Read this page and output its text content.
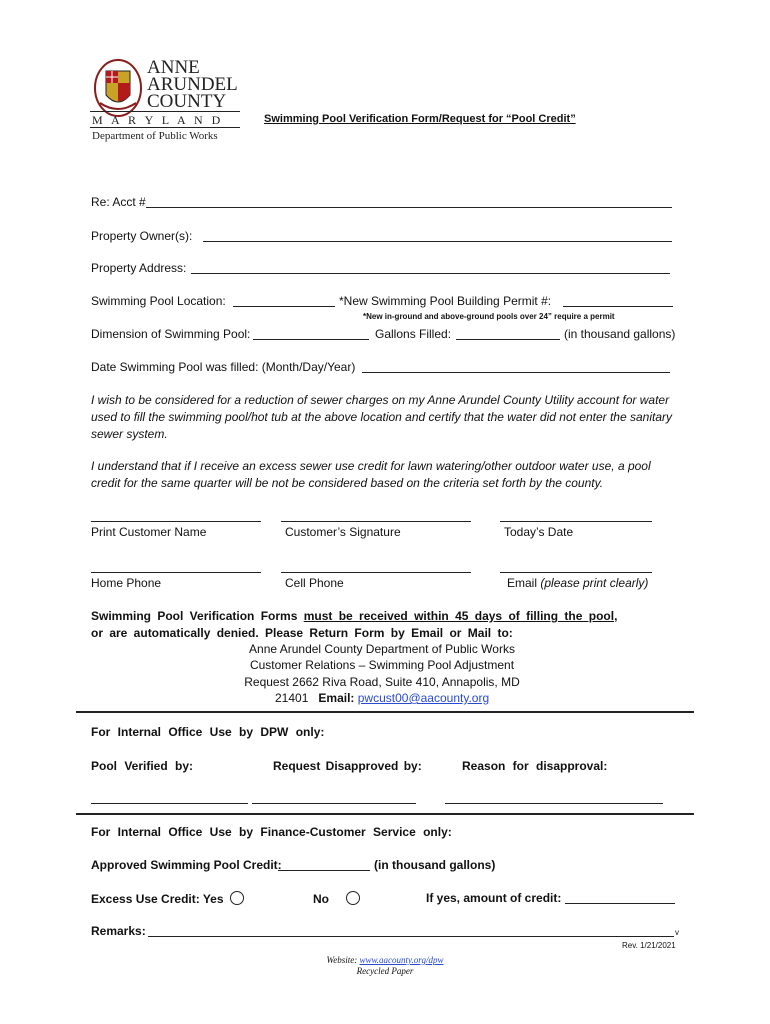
ANNE
ARUNDEL
COUNTY
M A R Y L A N D
Department of Public Works
Swimming Pool Verification Form/Request for “Pool Credit”
Re: Acct #
Property Owner(s):
Property Address:
Swimming Pool Location:	*New Swimming Pool Building Permit #:
*New in-ground and above-ground pools over 24” require a permit
Dimension of Swimming Pool:	Gallons Filled:	(in thousand gallons)
Date Swimming Pool was filled: (Month/Day/Year)
I wish to be considered for a reduction of sewer charges on my Anne Arundel County Utility account for water used to fill the swimming pool/hot tub at the above location and certify that the water did not enter the sanitary sewer system.
I understand that if I receive an excess sewer use credit for lawn watering/other outdoor water use, a pool credit for the same quarter will be not be considered based on the criteria set forth by the county.
Print Customer Name	Customer’s Signature	Today’s Date
Home Phone	Cell Phone	Email (please print clearly)
Swimming Pool Verification Forms must be received within 45 days of filling the pool,
or are automatically denied. Please Return Form by Email or Mail to:
Anne Arundel County Department of Public Works
Customer Relations – Swimming Pool Adjustment
Request 2662 Riva Road, Suite 410, Annapolis, MD
21401 Email: pwcust00@aacounty.org
For Internal Office Use by DPW only:
Pool Verified by:	Request Disapproved by:	Reason for disapproval:
For Internal Office Use by Finance-Customer Service only:
Approved Swimming Pool Credit:	(in thousand gallons)
Excess Use Credit: Yes	No	If yes, amount of credit:
Remarks:	v
Rev. 1/21/2021
Website: www.aacounty.org/dpw
Recycled Paper
